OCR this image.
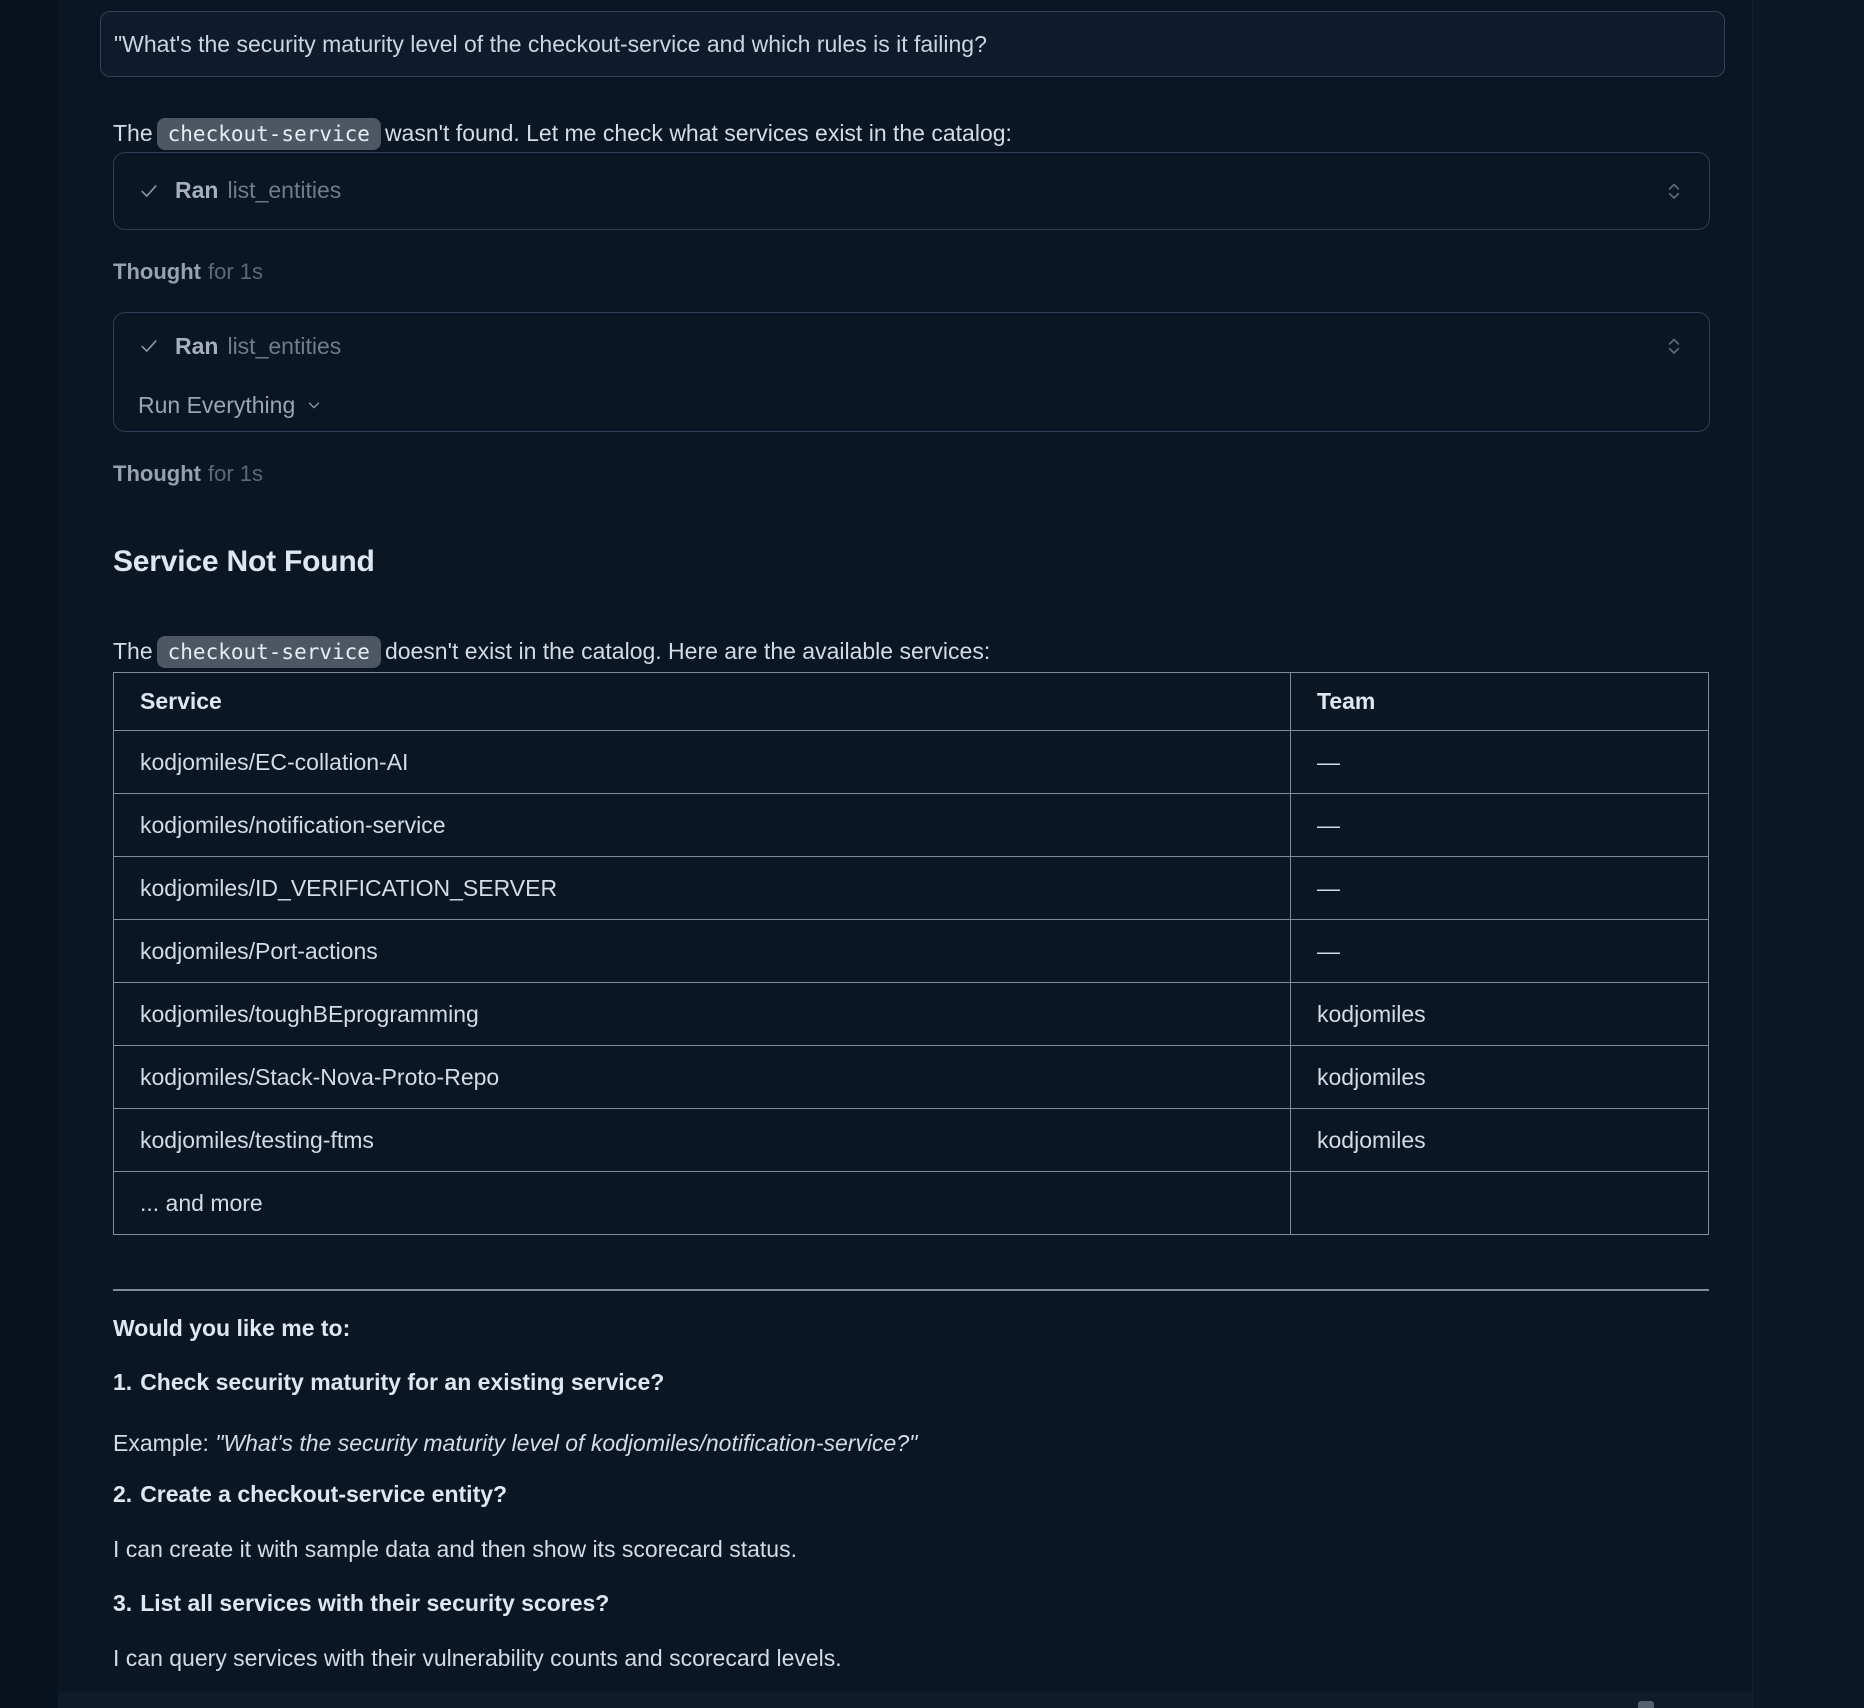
"What's the security maturity level of the checkout-service and which rules is it failing?

The checkout-service wasn't found. Let me check what services exist in the catalog:

Ran list_entities
Thought for 1s
Ran list_entities
Run Everything
Thought for 1s
Service Not Found

The checkout-service doesn't exist in the catalog. Here are the available services:

Service	Team
kodjomiles/EC-collation-AI	—
kodjomiles/notification-service	—
kodjomiles/ID_VERIFICATION_SERVER	—
kodjomiles/Port-actions	—
kodjomiles/toughBEprogramming	kodjomiles
kodjomiles/Stack-Nova-Proto-Repo	kodjomiles
kodjomiles/testing-ftms	kodjomiles
... and more	
Would you like me to:
1. Check security maturity for an existing service?
Example: "What's the security maturity level of kodjomiles/notification-service?"
2. Create a checkout-service entity?
I can create it with sample data and then show its scorecard status.
3. List all services with their security scores?
I can query services with their vulnerability counts and scorecard levels.
